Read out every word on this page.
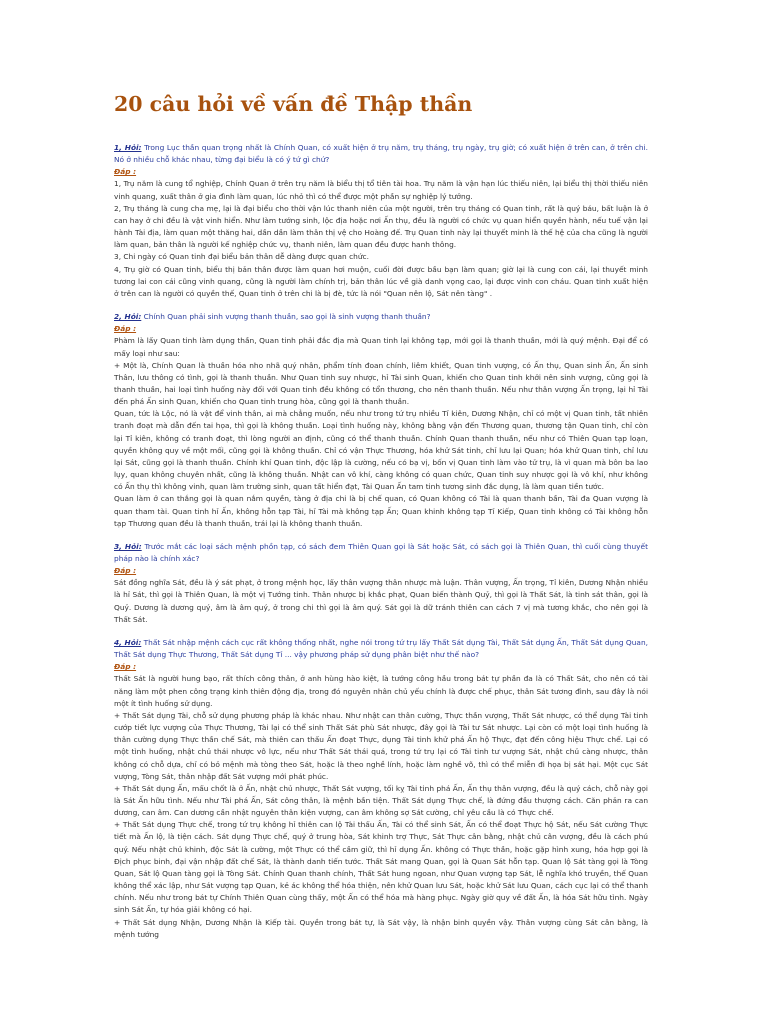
20 câu hỏi về vấn đề Thập thần

1, Hỏi: Trong Lục thần quan trọng nhất là Chính Quan, có xuất hiện ở trụ năm, trụ tháng, trụ ngày, trụ giờ; có xuất hiện ở trên can, ở trên chi. Nó ở nhiều chỗ khác nhau, từng đại biểu là có ý tứ gì chứ?

Đáp :

1, Trụ năm là cung tổ nghiệp, Chính Quan ở trên trụ năm là biểu thị tổ tiên tài hoa. Trụ năm là vận hạn lúc thiếu niên, lại biểu thị thời thiếu niên vinh quang, xuất thân ở gia đình làm quan, lúc nhỏ thì có thể được một phần sự nghiệp lý tưởng.

2, Trụ tháng là cung cha mẹ, lại là đại biểu cho thời vận lúc thanh niên của một người, trên trụ tháng có Quan tinh, rất là quý báu, bất luận là ở can hay ở chi đều là vật vinh hiển. Như làm tướng sinh, lộc địa hoặc nơi Ấn thụ, đều là người có chức vụ quan hiển quyền hành, nếu tuế vận lại hành Tài địa, làm quan một thăng hai, dần dần làm thân thị vệ cho Hoàng đế. Trụ Quan tinh này lại thuyết minh là thế hệ của cha cũng là người làm quan, bản thân là người kế nghiệp chức vụ, thanh niên, làm quan đều được hanh thông.

3, Chi ngày có Quan tinh đại biểu bản thân dễ dàng được quan chức.

4, Trụ giờ có Quan tinh, biểu thị bản thân được làm quan hơi muộn, cuối đời được bầu bạn làm quan; giờ lại là cung con cái, lại thuyết minh tương lai con cái cũng vinh quang, cũng là người làm chính trị, bản thân lúc về già danh vọng cao, lại được vinh con cháu. Quan tinh xuất hiện ở trên can là người có quyền thế, Quan tinh ở trên chi là bị đè, tức là nói "Quan nên lộ, Sát nên tàng" .

2, Hỏi: Chính Quan phải sinh vượng thanh thuần, sao gọi là sinh vượng thanh thuần?

Đáp :

Phàm là lấy Quan tinh làm dụng thần, Quan tinh phải đắc địa mà Quan tinh lại không tạp, mới gọi là thanh thuần, mới là quý mệnh. Đại để có mấy loại như sau:

+ Một là, Chính Quan là thuần hóa nho nhã quý nhân, phẩm tính đoan chính, liêm khiết, Quan tinh vượng, có Ấn thụ, Quan sinh Ấn, Ấn sinh Thân, lưu thông có tình, gọi là thanh thuần. Như Quan tinh suy nhược, hỉ Tài sinh Quan, khiến cho Quan tinh khởi nên sinh vượng, cũng gọi là thanh thuần, hai loại tình huống này đối với Quan tinh đều không có tổn thương, cho nên thanh thuần. Nếu như thân vượng Ấn trọng, lại hỉ Tài đến phá Ấn sinh Quan, khiến cho Quan tinh trung hòa, cũng gọi là thanh thuần.

Quan, tức là Lộc, nó là vật để vinh thân, ai mà chẳng muốn, nếu như trong tứ trụ nhiều Tỉ kiên, Dương Nhận, chỉ có một vị Quan tinh, tất nhiên tranh đoạt mà dẫn đến tai họa, thì gọi là không thuần. Loại tình huống này, không bằng vận đến Thương quan, thương tận Quan tinh, chỉ còn lại Tỉ kiên, không có tranh đoạt, thì lòng người an định, cũng có thể thanh thuần. Chính Quan thanh thuần, nếu như có Thiên Quan tạp loạn, quyền không quy về một mối, cũng gọi là không thuần. Chỉ có vận Thực Thương, hóa khử Sát tinh, chỉ lưu lại Quan; hóa khử Quan tinh, chỉ lưu lại Sát, cũng gọi là thanh thuần. Chính khí Quan tinh, độc lập là cường, nếu có bạ vị, bốn vị Quan tinh làm vào tử trụ, là vì quan mà bôn ba lao lụy, quan không chuyên nhất, cũng là không thuần. Nhật can vô khí, càng không có quan chức, Quan tinh suy nhược gọi là vô khí, như không có Ấn thụ thì không vinh, quan làm trường sinh, quan tất hiển đạt, Tài Quan Ấn tam tinh tương sinh đắc dụng, là làm quan tiền tước.

Quan làm ở can thắng gọi là quan nắm quyền, tàng ở địa chi là bị chế quan, có Quan không có Tài là quan thanh bần, Tài đa Quan vượng là quan tham tài. Quan tinh hỉ Ấn, không hỗn tạp Tài, hỉ Tài mà không tạp Ấn; Quan khinh không tạp Tỉ Kiếp, Quan tinh không có Tài không hỗn tạp Thương quan đều là thanh thuần, trái lại là không thanh thuần.

3, Hỏi: Trước mắt các loại sách mệnh phồn tạp, có sách đem Thiên Quan gọi là Sát hoặc Sát, có sách gọi là Thiên Quan, thì cuối cùng thuyết pháp nào là chính xác?

Đáp :

Sát đồng nghĩa Sát, đều là ý sát phạt, ở trong mệnh học, lấy thân vượng thân nhược mà luận. Thân vượng, Ấn trọng, Tỉ kiên, Dương Nhận nhiều là hỉ Sát, thì gọi là Thiên Quan, là một vị Tướng tinh. Thân nhược bị khắc phạt, Quan biến thành Quỷ, thì gọi là Thất Sát, là tinh sát thân, gọi là Quỷ. Dương là dương quý, âm là âm quý, ở trong chi thì gọi là âm quý. Sát gọi là dữ tránh thiên can cách 7 vị mà tương khắc, cho nên gọi là Thất Sát.

4, Hỏi: Thất Sát nhập mệnh cách cục rất không thống nhất, nghe nói trong tứ trụ lấy Thất Sát dụng Tài, Thất Sát dụng Ấn, Thất Sát dụng Quan, Thất Sát dụng Thực Thương, Thất Sát dụng Tỉ ... vậy phương pháp sử dụng phân biệt như thế nào?

Đáp :

Thất Sát là người hung bạo, rất thích công thân, ở anh hùng hào kiệt, là tướng công hầu trong bát tự phần đa là có Thất Sát, cho nên có tài năng làm một phen công trạng kinh thiên động địa, trong đó nguyên nhân chủ yếu chính là được chế phục, thân Sát tương đình, sau đây là nói một ít tình huống sử dụng.

+ Thất Sát dụng Tài, chỗ sử dụng phương pháp là khác nhau. Như nhật can thân cường, Thực thần vượng, Thất Sát nhược, có thể dụng Tài tinh cướp tiết lực vượng của Thực Thương, Tài lại có thể sinh Thất Sát phù Sát nhược, đây gọi là Tài tư Sát nhược. Lại còn có một loại tình huống là thân cường dụng Thực thần chế Sát, mà thiên can thấu Ấn đoạt Thực, dụng Tài tinh khử phá Ấn hộ Thực, đạt đến công hiệu Thực chế. Lại có một tình huống, nhật chủ thái nhược vô lực, nếu như Thất Sát thái quá, trong tứ trụ lại có Tài tinh tư vượng Sát, nhật chủ càng nhược, thân không có chỗ dựa, chỉ có bỏ mệnh mà tòng theo Sát, hoặc là theo nghề lính, hoặc làm nghề võ, thì có thể miễn đi họa bị sát hại. Một cục Sát vượng, Tòng Sát, thân nhập đất Sát vượng mới phát phúc.

+ Thất Sát dụng Ấn, mấu chốt là ở Ấn, nhật chủ nhược, Thất Sát vượng, tối kỵ Tài tinh phá Ấn, Ấn thụ thân vượng, đều là quý cách, chỗ này gọi là Sát Ấn hữu tình. Nếu như Tài phá Ấn, Sát công thân, là mệnh bần tiện. Thất Sát dụng Thực chế, là đứng đầu thượng cách. Căn phản ra can dương, can âm. Can dương cần nhật nguyên thân kiện vượng, can âm không sợ Sát cường, chỉ yêu cầu là có Thực chế.

+ Thất Sát dụng Thực chế, trong tứ trụ không hỉ thiên can lộ Tài thấu Ấn, Tài có thể sinh Sát, Ấn có thể đoạt Thực hộ Sát, nếu Sát cường Thực tiết mà Ấn lộ, là tiện cách. Sát dụng Thực chế, quý ở trung hòa, Sát khinh trợ Thực, Sát Thực cân bằng, nhật chủ cân vượng, đều là cách phú quý. Nếu nhật chủ khinh, độc Sát là cường, một Thực có thể cầm giữ, thì hỉ dụng Ấn. không có Thực thần, hoặc gặp hình xung, hóa hợp gọi là Địch phục binh, đại vận nhập đất chế Sát, là thành danh tiến tước. Thất Sát mang Quan, gọi là Quan Sát hỗn tạp. Quan lộ Sát tàng gọi là Tòng Quan, Sát lộ Quan tàng gọi là Tòng Sát. Chính Quan thanh chính, Thất Sát hung ngoan, như Quan vượng tạp Sát, lễ nghĩa khó truyền, thế Quan không thể xác lập, như Sát vượng tạp Quan, kẻ ác không thể hóa thiện, nên khử Quan lưu Sát, hoặc khử Sát lưu Quan, cách cục lại có thể thanh chính. Nếu như trong bát tự Chính Thiên Quan cùng thấy, một Ấn có thể hóa mà hàng phục. Ngày giờ quy về đất Ấn, là hóa Sát hữu tình. Ngày sinh Sát Ấn, tự hóa giải không có hại.

+ Thất Sát dụng Nhận, Dương Nhận là Kiếp tài. Quyền trong bát tự, là Sát vậy, là nhận binh quyền vậy. Thân vượng cùng Sát cân bằng, là mệnh tướng
